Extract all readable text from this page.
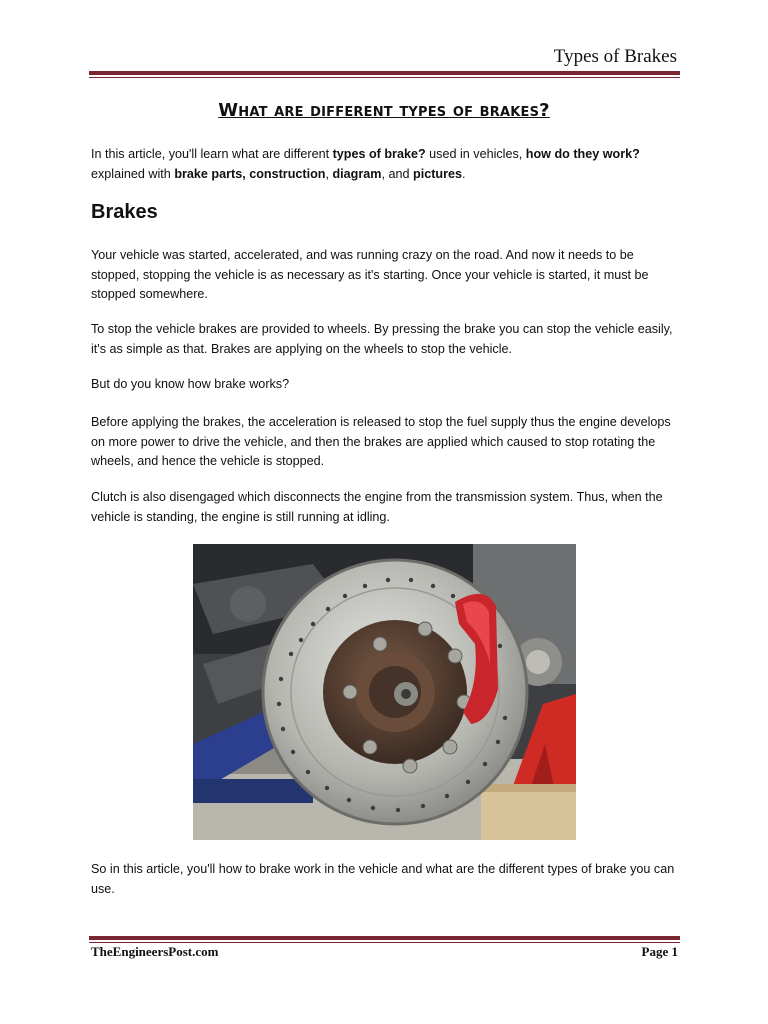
Types of Brakes
What are different types of brakes?
In this article, you'll learn what are different types of brake? used in vehicles, how do they work? explained with brake parts, construction, diagram, and pictures.
Brakes
Your vehicle was started, accelerated, and was running crazy on the road. And now it needs to be stopped, stopping the vehicle is as necessary as it's starting. Once your vehicle is started, it must be stopped somewhere.
To stop the vehicle brakes are provided to wheels. By pressing the brake you can stop the vehicle easily, it's as simple as that. Brakes are applying on the wheels to stop the vehicle.
But do you know how brake works?
Before applying the brakes, the acceleration is released to stop the fuel supply thus the engine develops on more power to drive the vehicle, and then the brakes are applied which caused to stop rotating the wheels, and hence the vehicle is stopped.
Clutch is also disengaged which disconnects the engine from the transmission system. Thus, when the vehicle is standing, the engine is still running at idling.
So in this article, you'll how to brake work in the vehicle and what are the different types of brake you can use.
TheEngineersPost.com	Page 1
